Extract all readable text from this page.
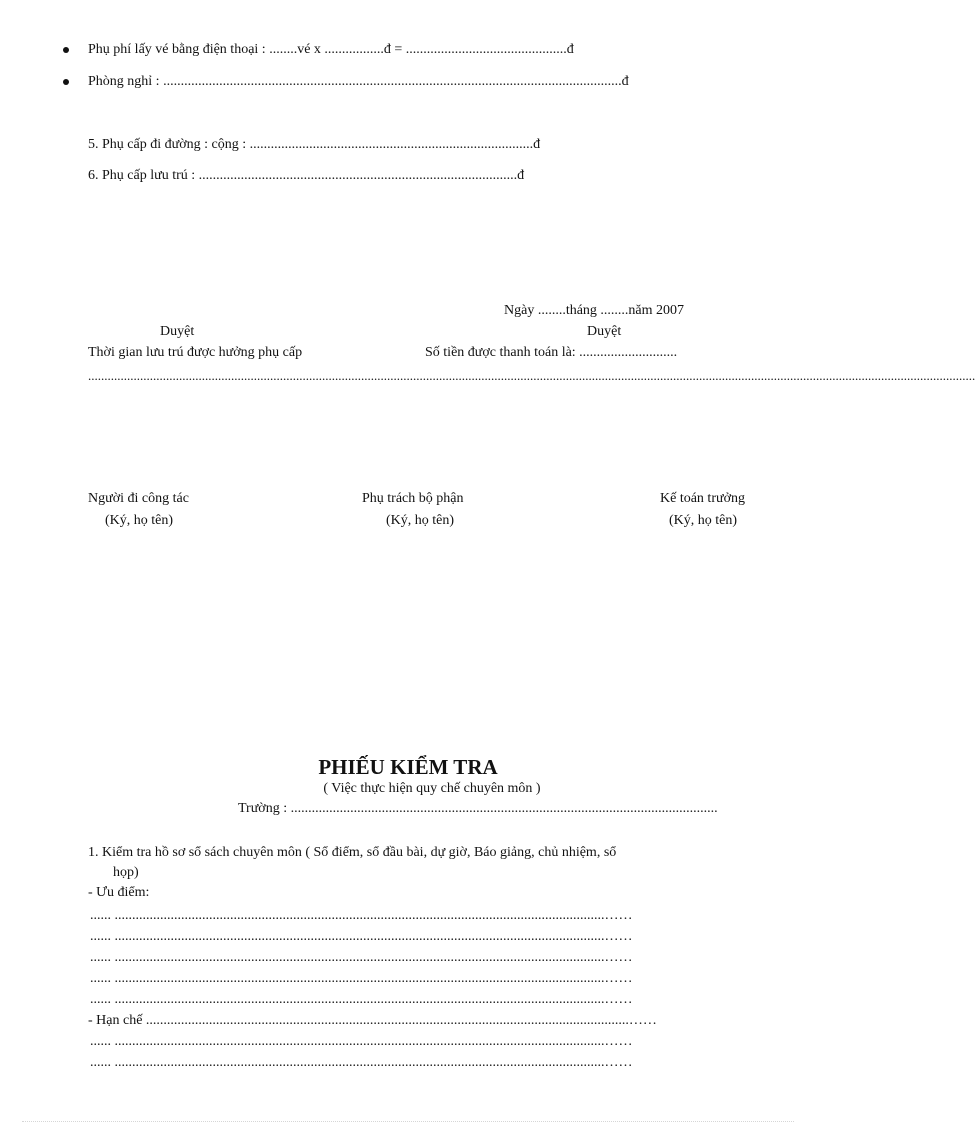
Phụ phí lấy vé bằng điện thoại : ........vé x .................đ = ..............................................đ
Phòng nghỉ : ...................................................................................................................................đ
5. Phụ cấp đi đường : cộng : .................................................................................đ
6. Phụ cấp lưu trú : ...........................................................................................đ
Ngày ........tháng ........năm 2007
Duyệt	Duyệt
Thời gian lưu trú được hưởng phụ cấp	Số tiền được thanh toán là: ............................
.................................................................................................................................................................................................................................................................................
Người đi công tác
(Ký, họ tên)
Phụ trách bộ phận
(Ký, họ tên)
Kế toán trưởng
(Ký, họ tên)
PHIẾU KIỂM TRA
( Việc thực hiện quy chế chuyên môn )
Trường : ..........................................................................................................................
1. Kiểm tra hồ sơ sổ sách chuyên môn ( Sổ điểm, sổ đầu bài, dự giờ, Báo giảng, chủ nhiệm, sổ
họp)
- Ưu điểm:
...... ............................................................................................................................................……
...... ............................................................................................................................................……
...... ............................................................................................................................................……
...... ............................................................................................................................................……
...... ............................................................................................................................................……
- Hạn chế ..........................................................................................................................................……
...... ............................................................................................................................................……
...... ............................................................................................................................................……
